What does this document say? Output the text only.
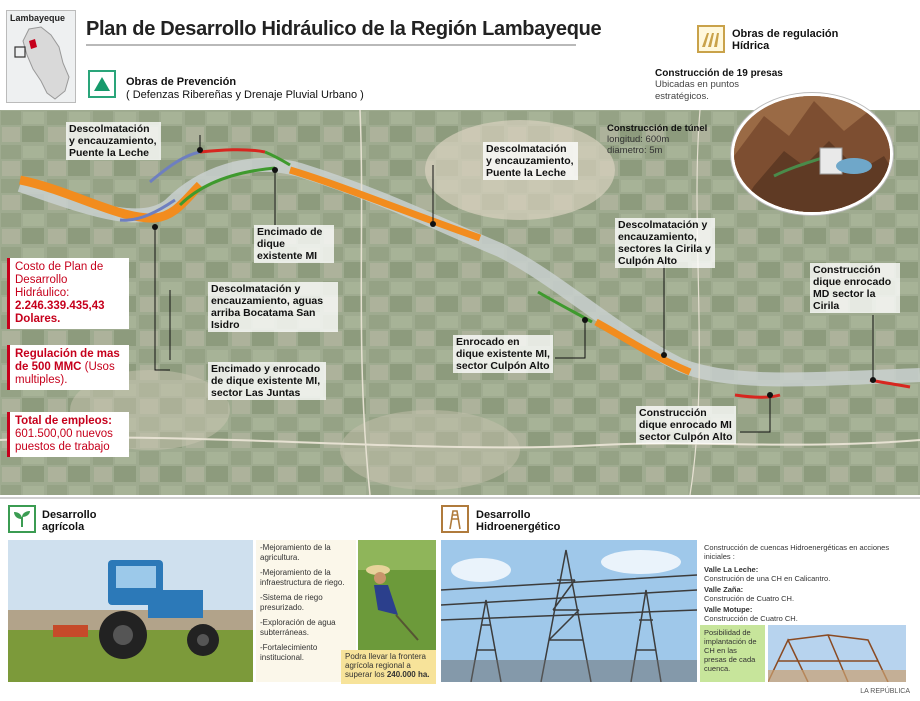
Lambayeque Plan de Desarrollo Hidráulico de la Región Lambayeque
Obras de Prevención
( Defenzas Ribereñas y Drenaje Pluvial Urbano )
Obras de regulación Hídrica
Construcción de 19 presas
Ubicadas en puntos estratégicos.
Descolmatación y encauzamiento, Puente la Leche	Descolmatación y encauzamiento, Puente la Leche
Encimado de dique existente MI
Descolmatación y encauzamiento, aguas arriba Bocatama San Isidro
Encimado y enrocado de dique existente MI, sector Las Juntas
Descolmatación y encauzamiento, sectores la Cirila y Culpón Alto
Enrocado en dique existente MI, sector Culpón Alto
Construcción dique enrocado MI sector Culpón Alto
Construcción dique enrocado MD sector la Cirila
Costo de Plan de Desarrollo Hidráulico:
2.246.339.435,43 Dolares.
Regulación de mas de 500 MMC (Usos multiples).
Total de empleos:
601.500,00 nuevos puestos de trabajo
Construcción de túnel
longitud: 600m
diametro: 5m
Desarrollo agrícola
Desarrollo Hidroenergético
-Mejoramiento de la agricultura.
-Mejoramiento de la infraestructura de riego.
-Sistema de riego presurizado.
-Exploración de agua subterráneas.
-Fortalecimiento institucional.	Podra llevar la frontera agrícola regional a superar los 240.000 ha.
Construcción de cuencas Hidroenergéticas en acciones iniciales :
Valle La Leche:
Construción de una CH en Calicantro.
Valle Zaña:
Construción de Cuatro CH.
Valle Motupe:
Construcción de Cuatro CH.
Posibilidad de implantación de CH en las presas de cada cuenca.
LA REPÚBLICA
